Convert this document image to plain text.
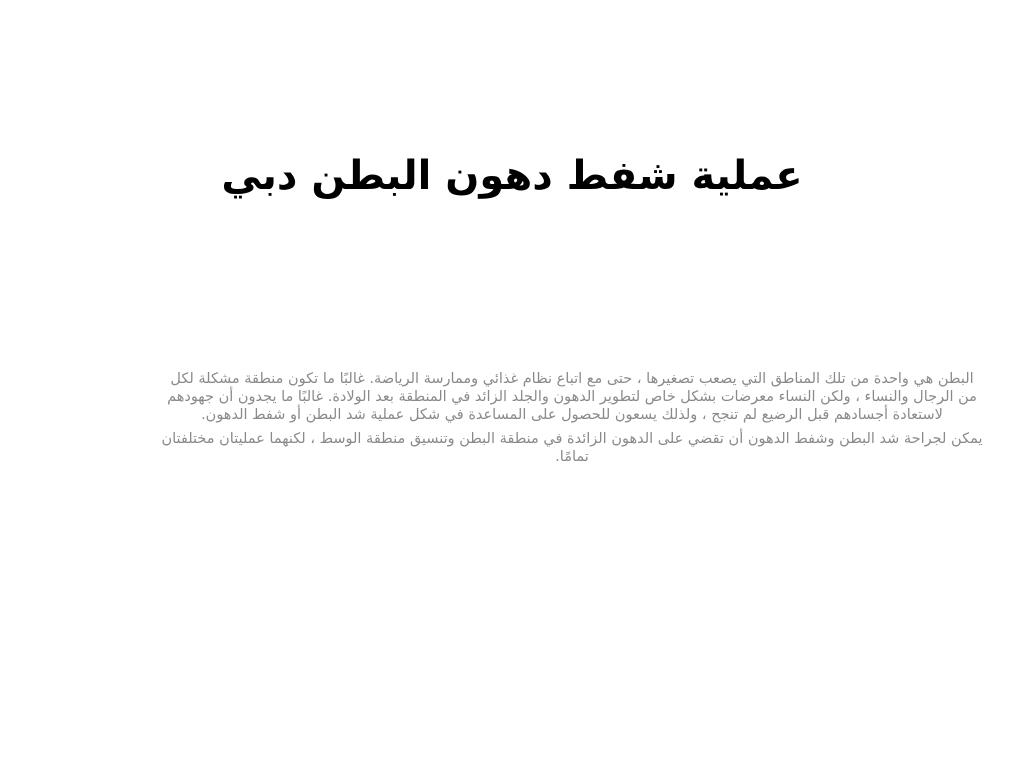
عملية شفط دهون البطن دبي

البطن هي واحدة من تلك المناطق التي يصعب تصغيرها ، حتى مع اتباع نظام غذائي وممارسة الرياضة. غالبًا ما تكون منطقة مشكلة لكل من الرجال والنساء ، ولكن النساء معرضات بشكل خاص لتطوير الدهون والجلد الزائد في المنطقة بعد الولادة. غالبًا ما يجدون أن جهودهم لاستعادة أجسادهم قبل الرضيع لم تنجح ، ولذلك يسعون للحصول على المساعدة في شكل عملية شد البطن أو شفط الدهون.

يمكن لجراحة شد البطن وشفط الدهون أن تقضي على الدهون الزائدة في منطقة البطن وتنسيق منطقة الوسط ، لكنهما عمليتان مختلفتان تمامًا.
